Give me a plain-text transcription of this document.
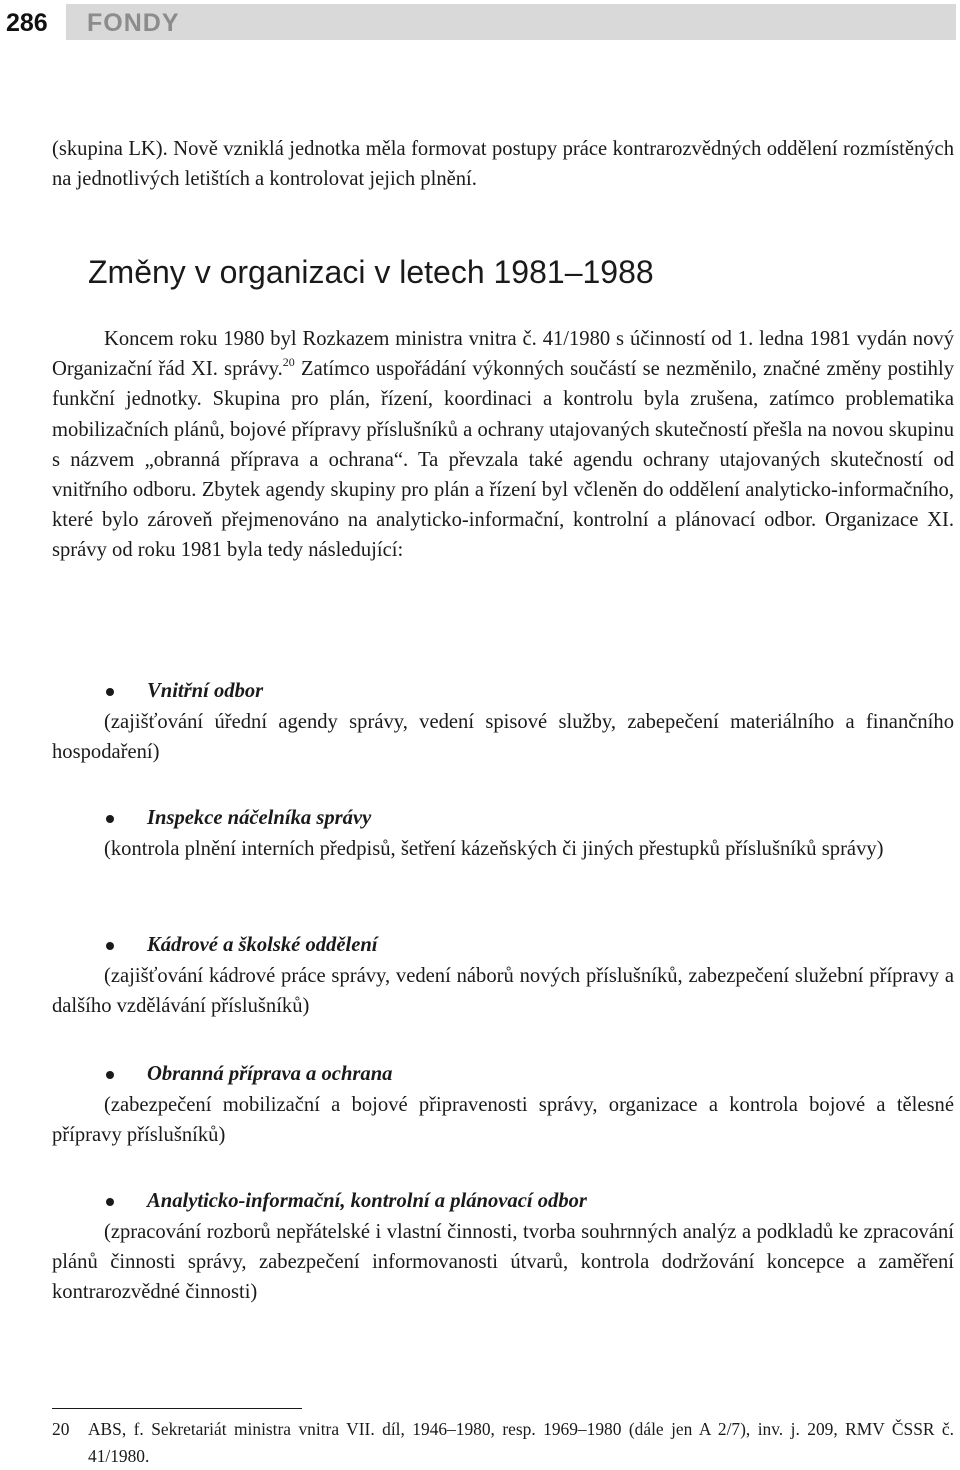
286	FONDY

(skupina LK). Nově vzniklá jednotka měla formovat postupy práce kontrarozvědných oddělení rozmístěných na jednotlivých letištích a kontrolovat jejich plnění.

Změny v organizaci v letech 1981–1988

Koncem roku 1980 byl Rozkazem ministra vnitra č. 41/1980 s účinností od 1. ledna 1981 vydán nový Organizační řád XI. správy.$^{20}$ Zatímco uspořádání výkonných součástí se nezměnilo, značné změny postihly funkční jednotky. Skupina pro plán, řízení, koordinaci a kontrolu byla zrušena, zatímco problematika mobilizačních plánů, bojové přípravy příslušníků a ochrany utajovaných skutečností přešla na novou skupinu s názvem „obranná příprava a ochrana“. Ta převzala také agendu ochrany utajovaných skutečností od vnitřního odboru. Zbytek agendy skupiny pro plán a řízení byl včleněn do oddělení analyticko-informačního, které bylo zároveň přejmenováno na analyticko-informační, kontrolní a plánovací odbor. Organizace XI. správy od roku 1981 byla tedy následující:

Vnitřní odbor

(zajišťování úřední agendy správy, vedení spisové služby, zabepečení materiálního a finančního hospodaření)

Inspekce náčelníka správy

(kontrola plnění interních předpisů, šetření kázeňských či jiných přestupků příslušníků správy)

Kádrové a školské oddělení

(zajišťování kádrové práce správy, vedení náborů nových příslušníků, zabezpečení služební přípravy a dalšího vzdělávání příslušníků)

Obranná příprava a ochrana

(zabezpečení mobilizační a bojové připravenosti správy, organizace a kontrola bojové a tělesné přípravy příslušníků)

Analyticko-informační, kontrolní a plánovací odbor

(zpracování rozborů nepřátelské i vlastní činnosti, tvorba souhrnných analýz a podkladů ke zpracování plánů činnosti správy, zabezpečení informovanosti útvarů, kontrola dodržování koncepce a zaměření kontrarozvědné činnosti)

20 ABS, f. Sekretariát ministra vnitra VII. díl, 1946–1980, resp. 1969–1980 (dále jen A 2/7), inv. j. 209, RMV ČSSR č. 41/1980.
